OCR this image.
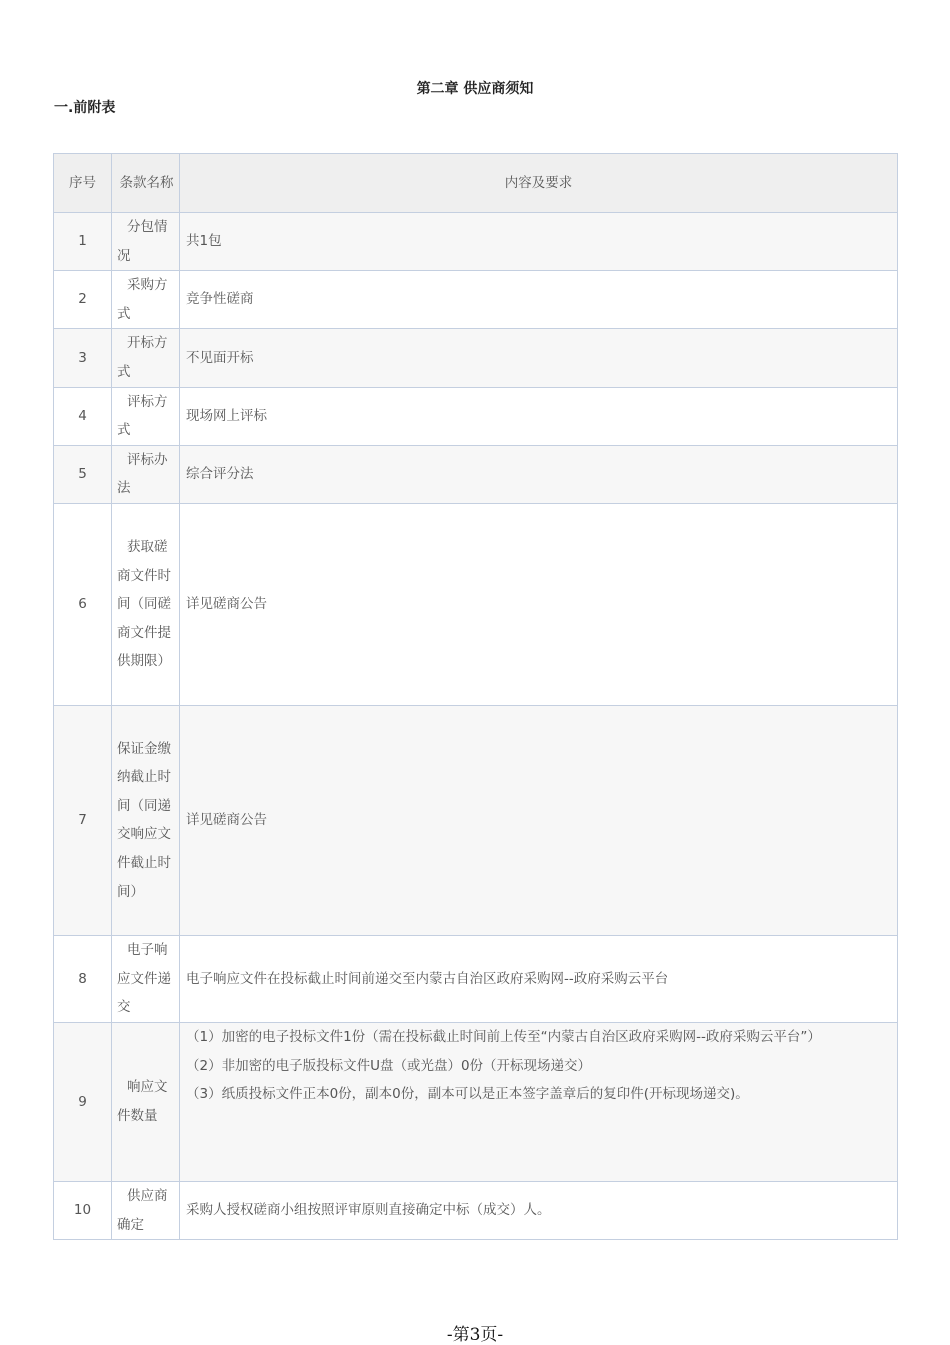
第二章 供应商须知
一.前附表
序号	条款名称	内容及要求
1	分包情况	共1包

2	采购方式	竞争性磋商

3	开标方式	不见面开标

4	评标方式	现场网上评标

5	评标办法	综合评分法

6	获取磋商文件时间（同磋商文件提供期限）	详见磋商公告

7	保证金缴纳截止时间（同递交响应文件截止时间）	详见磋商公告

8	电子响应文件递交	电子响应文件在投标截止时间前递交至内蒙古自治区政府采购网--政府采购云平台

9	响应文件数量	（1）加密的电子投标文件1份（需在投标截止时间前上传至“内蒙古自治区政府采购网--政府采购云平台”）
（2）非加密的电子版投标文件U盘（或光盘）0份（开标现场递交）
（3）纸质投标文件正本0份，副本0份，副本可以是正本签字盖章后的复印件(开标现场递交)。

10	供应商确定	采购人授权磋商小组按照评审原则直接确定中标（成交）人。
-第3页-
